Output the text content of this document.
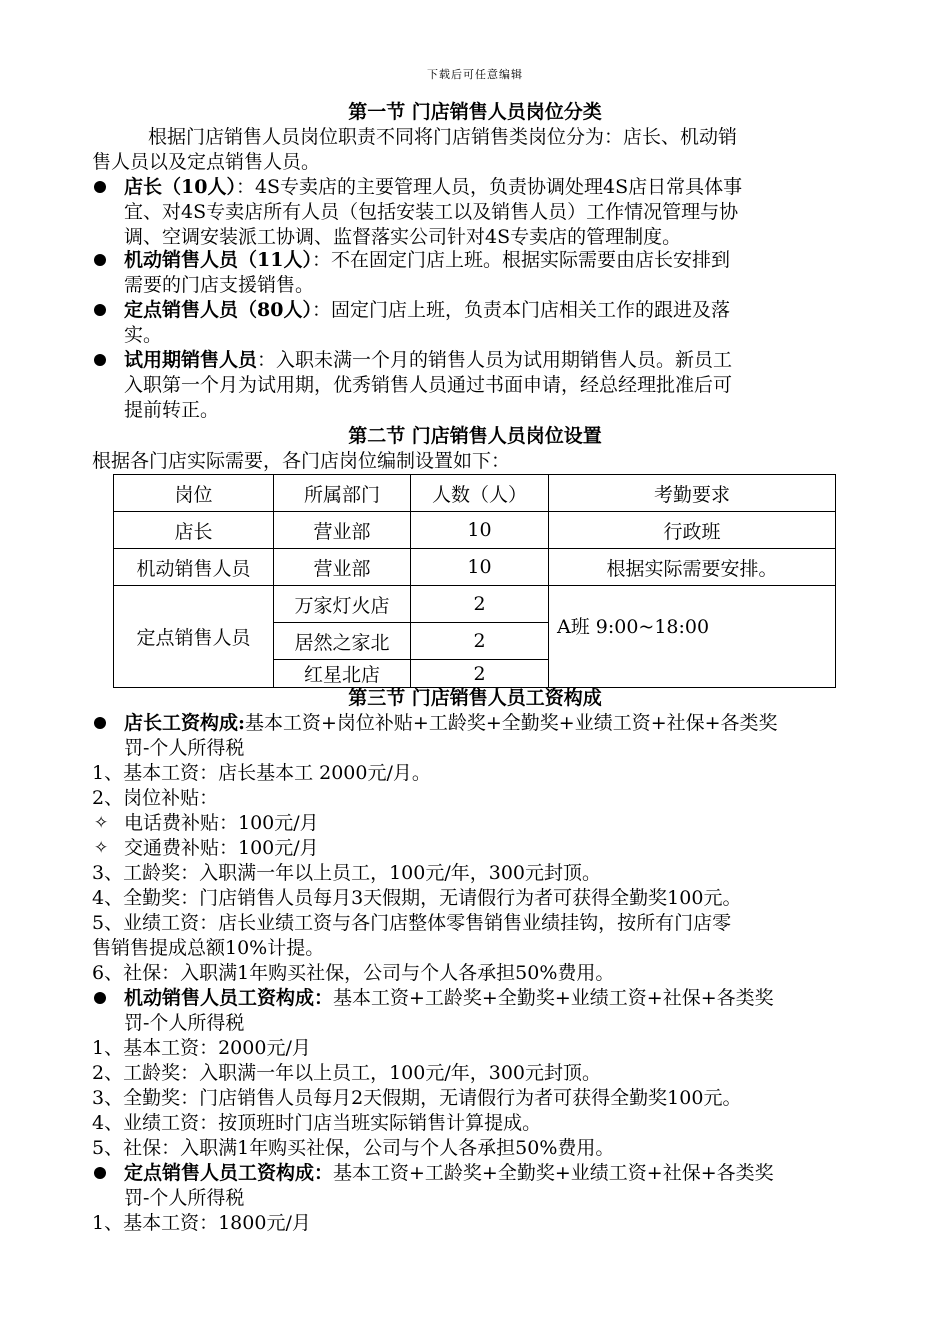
下载后可任意编辑
第一节 门店销售人员岗位分类
根据门店销售人员岗位职责不同将门店销售类岗位分为：店长、机动销
售人员以及定点销售人员。
店长（10人）：4S专卖店的主要管理人员，负责协调处理4S店日常具体事
宜、对4S专卖店所有人员（包括安装工以及销售人员）工作情况管理与协
调、空调安装派工协调、监督落实公司针对4S专卖店的管理制度。
机动销售人员（11人）：不在固定门店上班。根据实际需要由店长安排到
需要的门店支援销售。
定点销售人员（80人）：固定门店上班，负责本门店相关工作的跟进及落
实。
试用期销售人员：入职未满一个月的销售人员为试用期销售人员。新员工
入职第一个月为试用期，优秀销售人员通过书面申请，经总经理批准后可
提前转正。
第二节 门店销售人员岗位设置
根据各门店实际需要，各门店岗位编制设置如下：
岗位	所属部门	人数（人）	考勤要求
店长	营业部	10	行政班
机动销售人员	营业部	10	根据实际需要安排。
定点销售人员	万家灯火店	2	A班 9:00~18:00
	居然之家北	2	
	红星北店	2	
第三节 门店销售人员工资构成
店长工资构成:基本工资+岗位补贴+工龄奖+全勤奖+业绩工资+社保+各类奖
罚-个人所得税
1、基本工资：店长基本工 2000元/月。
2、岗位补贴：
✧ 电话费补贴：100元/月
✧ 交通费补贴：100元/月
3、工龄奖：入职满一年以上员工，100元/年，300元封顶。
4、全勤奖：门店销售人员每月3天假期，无请假行为者可获得全勤奖100元。
5、业绩工资：店长业绩工资与各门店整体零售销售业绩挂钩，按所有门店零
售销售提成总额10%计提。
6、社保：入职满1年购买社保，公司与个人各承担50%费用。
机动销售人员工资构成：基本工资+工龄奖+全勤奖+业绩工资+社保+各类奖
罚-个人所得税
1、基本工资：2000元/月
2、工龄奖：入职满一年以上员工，100元/年，300元封顶。
3、全勤奖：门店销售人员每月2天假期，无请假行为者可获得全勤奖100元。
4、业绩工资：按顶班时门店当班实际销售计算提成。
5、社保：入职满1年购买社保，公司与个人各承担50%费用。
定点销售人员工资构成：基本工资+工龄奖+全勤奖+业绩工资+社保+各类奖
罚-个人所得税
1、基本工资：1800元/月
